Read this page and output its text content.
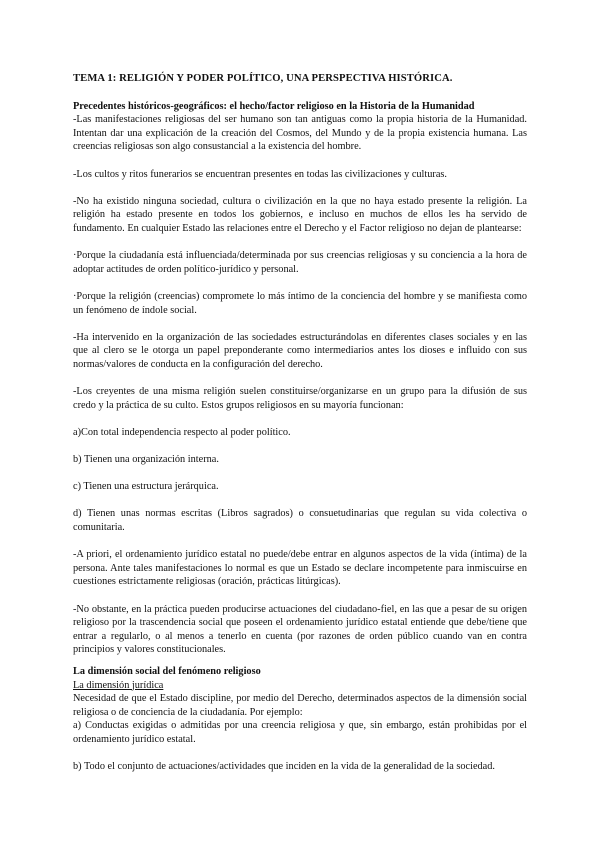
TEMA 1: RELIGIÓN Y PODER POLÍTICO, UNA PERSPECTIVA HISTÓRICA.

Precedentes históricos-geográficos: el hecho/factor religioso en la Historia de la Humanidad

-Las manifestaciones religiosas del ser humano son tan antiguas como la propia historia de la Humanidad. Intentan dar una explicación de la creación del Cosmos, del Mundo y de la propia existencia humana. Las creencias religiosas son algo consustancial a la existencia del hombre.

-Los cultos y ritos funerarios se encuentran presentes en todas las civilizaciones y culturas.

-No ha existido ninguna sociedad, cultura o civilización en la que no haya estado presente la religión. La religión ha estado presente en todos los gobiernos, e incluso en muchos de ellos les ha servido de fundamento. En cualquier Estado las relaciones entre el Derecho y el Factor religioso no dejan de plantearse:

·Porque la ciudadanía está influenciada/determinada por sus creencias religiosas y su conciencia a la hora de adoptar actitudes de orden político-jurídico y personal.

·Porque la religión (creencias) compromete lo más íntimo de la conciencia del hombre y se manifiesta como un fenómeno de índole social.

-Ha intervenido en la organización de las sociedades estructurándolas en diferentes clases sociales y en las que al clero se le otorga un papel preponderante como intermediarios antes los dioses e influido con sus normas/valores de conducta en la configuración del derecho.

-Los creyentes de una misma religión suelen constituirse/organizarse en un grupo para la difusión de sus credo y la práctica de su culto. Estos grupos religiosos en su mayoría funcionan:

a)Con total independencia respecto al poder político.

b) Tienen una organización interna.

c) Tienen una estructura jerárquica.

d) Tienen unas normas escritas (Libros sagrados) o consuetudinarias que regulan su vida colectiva o comunitaria.

-A priori, el ordenamiento jurídico estatal no puede/debe entrar en algunos aspectos de la vida (íntima) de la persona. Ante tales manifestaciones lo normal es que un Estado se declare incompetente para inmiscuirse en cuestiones estrictamente religiosas (oración, prácticas litúrgicas).

-No obstante, en la práctica pueden producirse actuaciones del ciudadano-fiel, en las que a pesar de su origen religioso por la trascendencia social que poseen el ordenamiento jurídico estatal entiende que debe/tiene que entrar a regularlo, o al menos a tenerlo en cuenta (por razones de orden público cuando van en contra principios y valores constitucionales.

La dimensión social del fenómeno religioso

La dimensión jurídica

Necesidad de que el Estado discipline, por medio del Derecho, determinados aspectos de la dimensión social religiosa o de conciencia de la ciudadanía. Por ejemplo:

a) Conductas exigidas o admitidas por una creencia religiosa y que, sin embargo, están prohibidas por el ordenamiento jurídico estatal.

b) Todo el conjunto de actuaciones/actividades que inciden en la vida de la generalidad de la sociedad.
